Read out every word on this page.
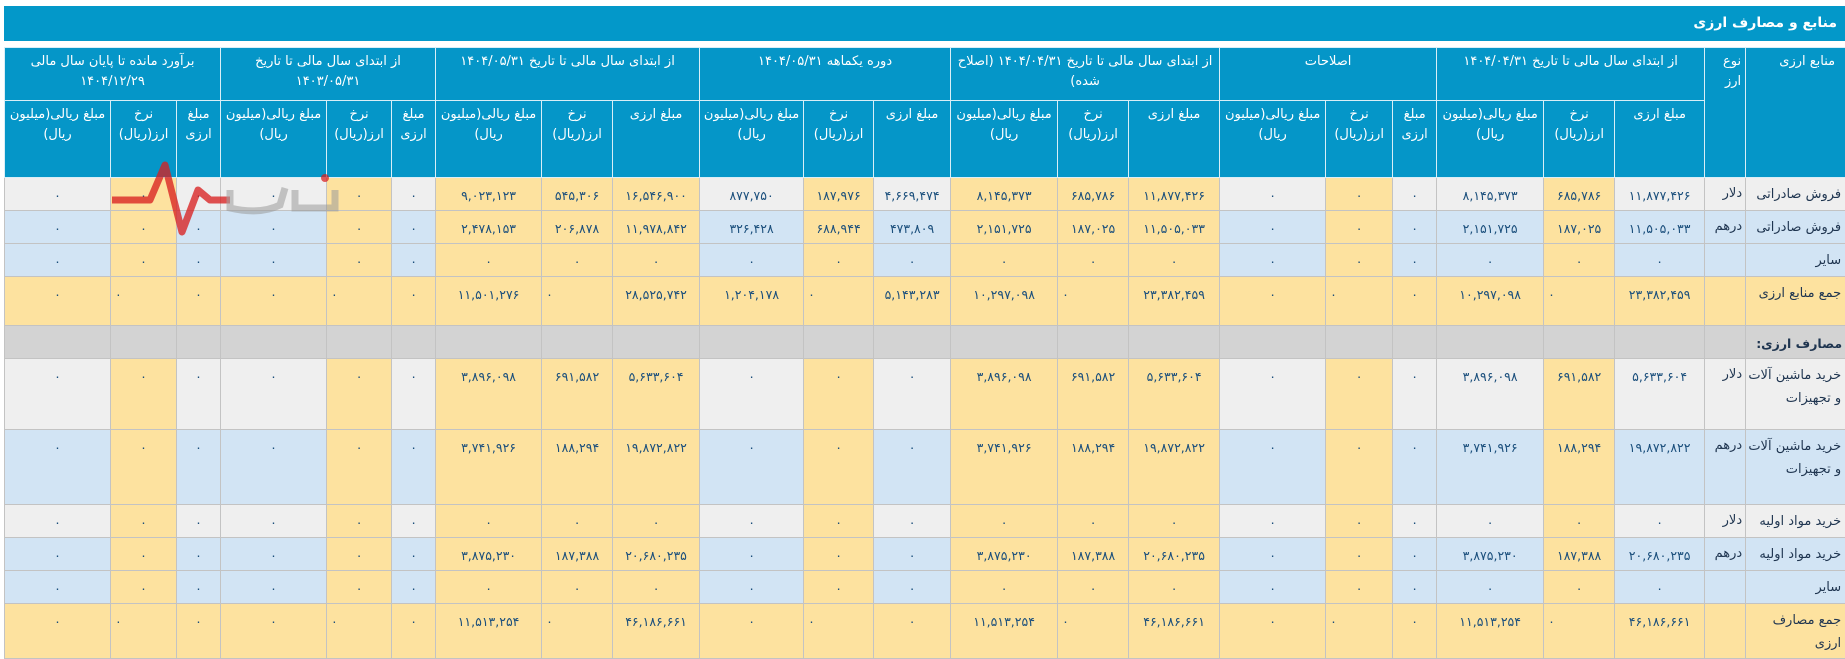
منابع و مصارف ارزی
منابع ارزی	نوع ارز	از ابتدای سال مالی تا تاریخ ۱۴۰۴/۰۴/۳۱			اصلاحات			از ابتدای سال مالی تا تاریخ ۱۴۰۴/۰۴/۳۱ (اصلاح شده)			دوره یکماهه ۱۴۰۴/۰۵/۳۱			از ابتدای سال مالی تا تاریخ ۱۴۰۴/۰۵/۳۱			از ابتدای سال مالی تا تاریخ ۱۴۰۳/۰۵/۳۱			برآورد مانده تا پایان سال مالی ۱۴۰۴/۱۲/۲۹		
		مبلغ ارزی	نرخ ارز(ریال)	مبلغ ریالی(میلیون ریال)	مبلغ ارزی	نرخ ارز(ریال)	مبلغ ریالی(میلیون ریال)	مبلغ ارزی	نرخ ارز(ریال)	مبلغ ریالی(میلیون ریال)	مبلغ ارزی	نرخ ارز(ریال)	مبلغ ریالی(میلیون ریال)	مبلغ ارزی	نرخ ارز(ریال)	مبلغ ریالی(میلیون ریال)	مبلغ ارزی	نرخ ارز(ریال)	مبلغ ریالی(میلیون ریال)	مبلغ ارزی	نرخ ارز(ریال)	مبلغ ریالی(میلیون ریال)
فروش صادراتی	دلار	۱۱,۸۷۷,۴۲۶	۶۸۵,۷۸۶	۸,۱۴۵,۳۷۳	۰	۰	۰	۱۱,۸۷۷,۴۲۶	۶۸۵,۷۸۶	۸,۱۴۵,۳۷۳	۴,۶۶۹,۴۷۴	۱۸۷,۹۷۶	۸۷۷,۷۵۰	۱۶,۵۴۶,۹۰۰	۵۴۵,۳۰۶	۹,۰۲۳,۱۲۳	۰	۰	۰	۰	۰	۰
فروش صادراتی	درهم	۱۱,۵۰۵,۰۳۳	۱۸۷,۰۲۵	۲,۱۵۱,۷۲۵	۰	۰	۰	۱۱,۵۰۵,۰۳۳	۱۸۷,۰۲۵	۲,۱۵۱,۷۲۵	۴۷۳,۸۰۹	۶۸۸,۹۴۴	۳۲۶,۴۲۸	۱۱,۹۷۸,۸۴۲	۲۰۶,۸۷۸	۲,۴۷۸,۱۵۳	۰	۰	۰	۰	۰	۰
سایر		۰	۰	۰	۰	۰	۰	۰	۰	۰	۰	۰	۰	۰	۰	۰	۰	۰	۰	۰	۰	۰
جمع منابع ارزی		۲۳,۳۸۲,۴۵۹	۰	۱۰,۲۹۷,۰۹۸	۰	۰	۰	۲۳,۳۸۲,۴۵۹	۰	۱۰,۲۹۷,۰۹۸	۵,۱۴۳,۲۸۳	۰	۱,۲۰۴,۱۷۸	۲۸,۵۲۵,۷۴۲	۰	۱۱,۵۰۱,۲۷۶	۰	۰	۰	۰	۰	۰
مصارف ارزی:																						
خرید ماشین آلات و تجهیزات	دلار	۵,۶۳۳,۶۰۴	۶۹۱,۵۸۲	۳,۸۹۶,۰۹۸	۰	۰	۰	۵,۶۳۳,۶۰۴	۶۹۱,۵۸۲	۳,۸۹۶,۰۹۸	۰	۰	۰	۵,۶۳۳,۶۰۴	۶۹۱,۵۸۲	۳,۸۹۶,۰۹۸	۰	۰	۰	۰	۰	۰
خرید ماشین آلات و تجهیزات	درهم	۱۹,۸۷۲,۸۲۲	۱۸۸,۲۹۴	۳,۷۴۱,۹۲۶	۰	۰	۰	۱۹,۸۷۲,۸۲۲	۱۸۸,۲۹۴	۳,۷۴۱,۹۲۶	۰	۰	۰	۱۹,۸۷۲,۸۲۲	۱۸۸,۲۹۴	۳,۷۴۱,۹۲۶	۰	۰	۰	۰	۰	۰
خرید مواد اولیه	دلار	۰	۰	۰	۰	۰	۰	۰	۰	۰	۰	۰	۰	۰	۰	۰	۰	۰	۰	۰	۰	۰
خرید مواد اولیه	درهم	۲۰,۶۸۰,۲۳۵	۱۸۷,۳۸۸	۳,۸۷۵,۲۳۰	۰	۰	۰	۲۰,۶۸۰,۲۳۵	۱۸۷,۳۸۸	۳,۸۷۵,۲۳۰	۰	۰	۰	۲۰,۶۸۰,۲۳۵	۱۸۷,۳۸۸	۳,۸۷۵,۲۳۰	۰	۰	۰	۰	۰	۰
سایر		۰	۰	۰	۰	۰	۰	۰	۰	۰	۰	۰	۰	۰	۰	۰	۰	۰	۰	۰	۰	۰
جمع مصارف ارزی		۴۶,۱۸۶,۶۶۱	۰	۱۱,۵۱۳,۲۵۴	۰	۰	۰	۴۶,۱۸۶,۶۶۱	۰	۱۱,۵۱۳,۲۵۴	۰	۰	۰	۴۶,۱۸۶,۶۶۱	۰	۱۱,۵۱۳,۲۵۴	۰	۰	۰	۰	۰	۰
